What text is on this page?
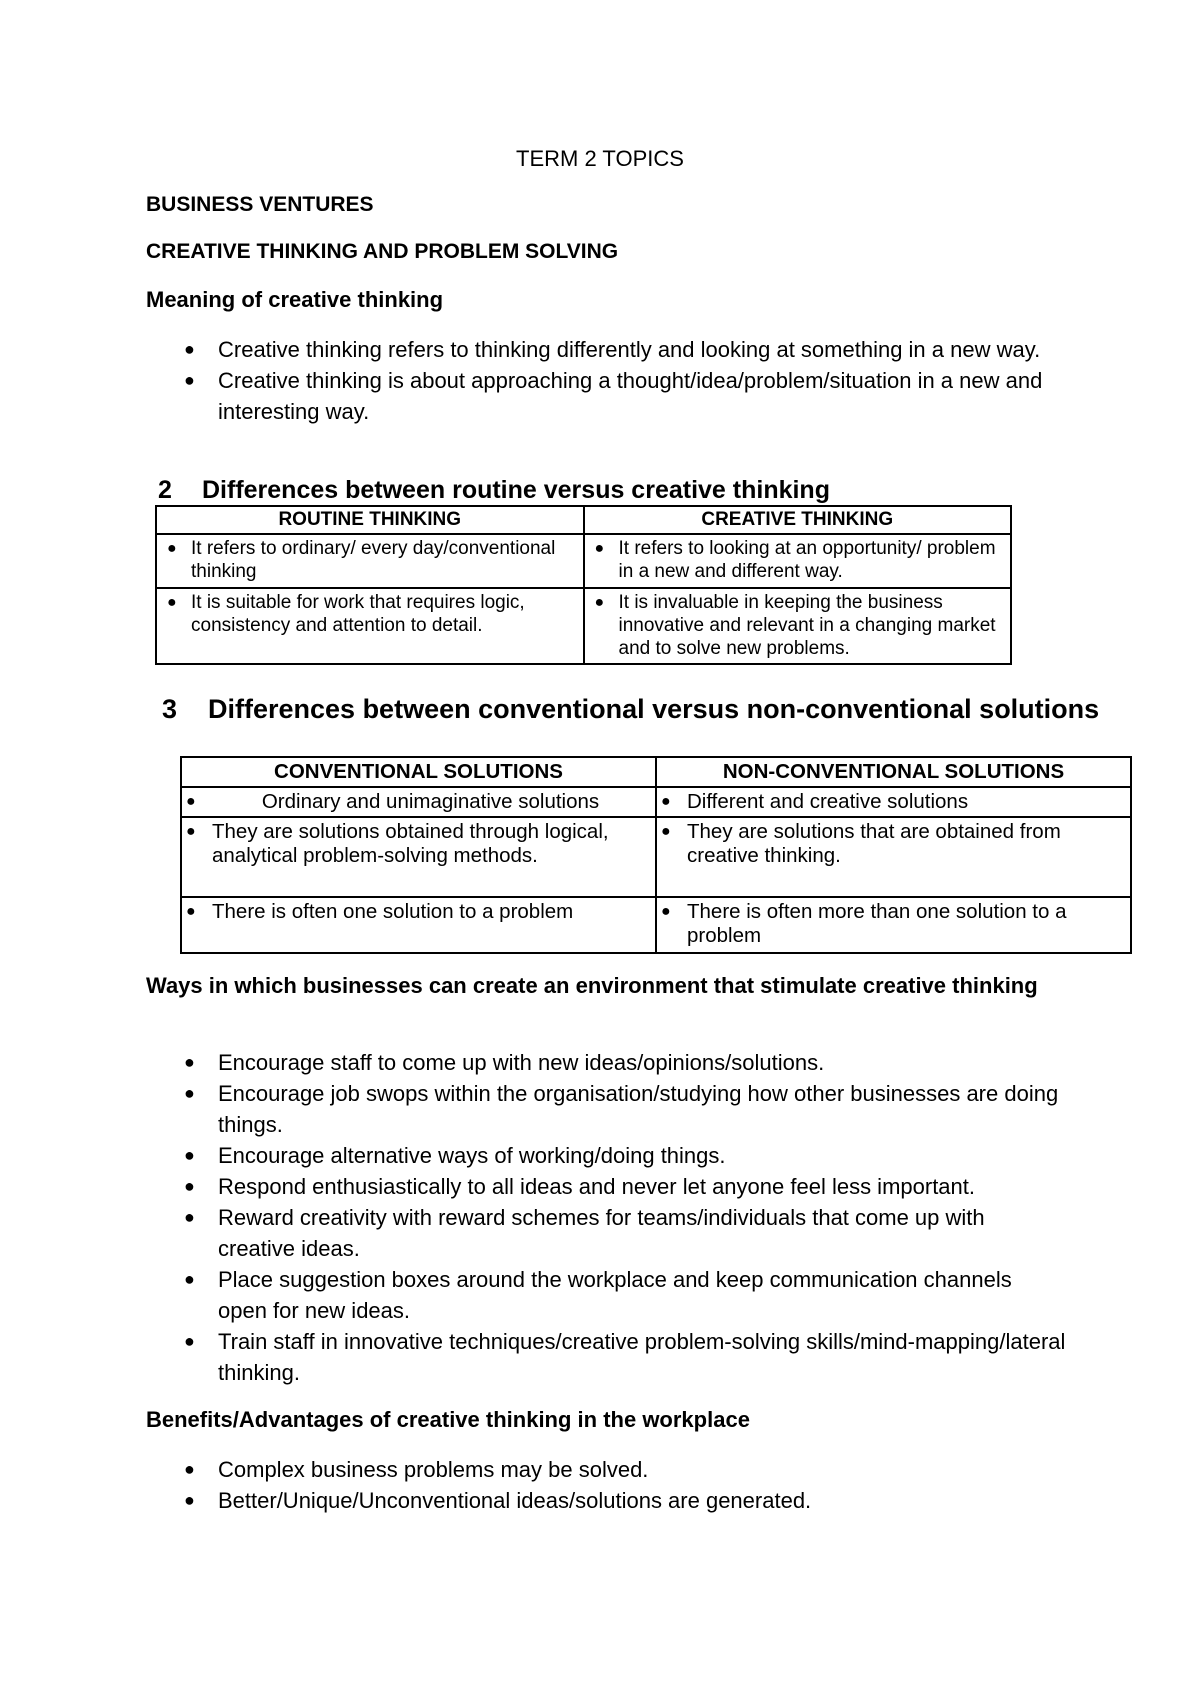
TERM 2 TOPICS
BUSINESS VENTURES
CREATIVE THINKING AND PROBLEM SOLVING
Meaning of creative thinking
● Creative thinking refers to thinking differently and looking at something in a new way.
● Creative thinking is about approaching a thought/idea/problem/situation in a new and interesting way.
2 Differences between routine versus creative thinking
ROUTINE THINKING	CREATIVE THINKING

● It refers to ordinary/ every day/conventional thinking	● It refers to looking at an opportunity/ problem in a new and different way.

● It is suitable for work that requires logic, consistency and attention to detail.	● It is invaluable in keeping the business innovative and relevant in a changing market and to solve new problems.
3 Differences between conventional versus non-conventional solutions
CONVENTIONAL SOLUTIONS	NON-CONVENTIONAL SOLUTIONS

● Ordinary and unimaginative solutions	● Different and creative solutions

● They are solutions obtained through logical, analytical problem-solving methods.	● They are solutions that are obtained from creative thinking.

● There is often one solution to a problem	● There is often more than one solution to a problem
Ways in which businesses can create an environment that stimulate creative thinking
● Encourage staff to come up with new ideas/opinions/solutions.
● Encourage job swops within the organisation/studying how other businesses are doing things.
● Encourage alternative ways of working/doing things.
● Respond enthusiastically to all ideas and never let anyone feel less important.
● Reward creativity with reward schemes for teams/individuals that come up with creative ideas.
● Place suggestion boxes around the workplace and keep communication channels open for new ideas.
● Train staff in innovative techniques/creative problem-solving skills/mind-mapping/lateral thinking.
Benefits/Advantages of creative thinking in the workplace
● Complex business problems may be solved.
● Better/Unique/Unconventional ideas/solutions are generated.
